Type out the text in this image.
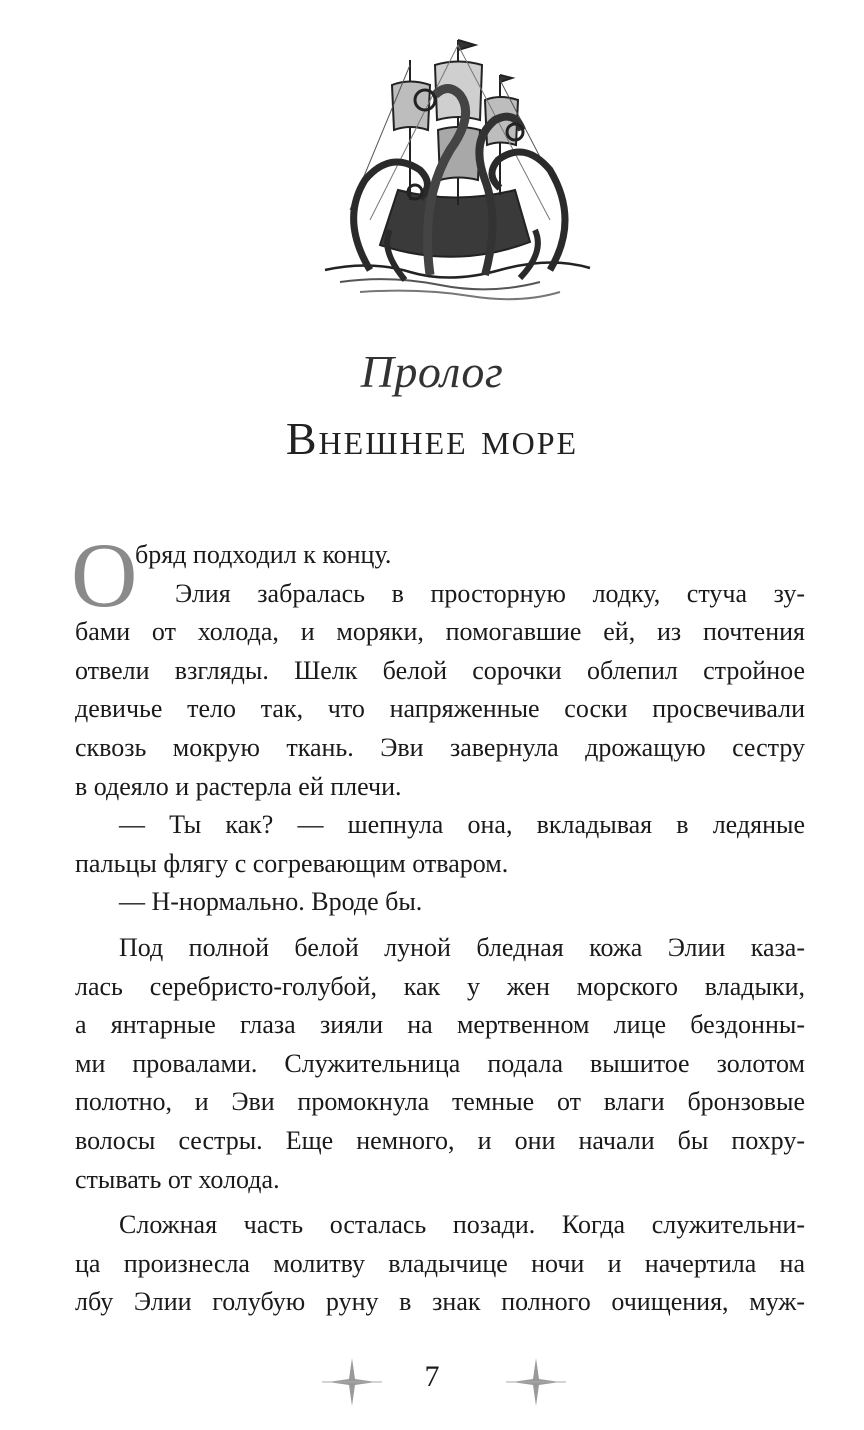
Пролог
Внешнее море

О
бряд подходил к концу.

Элия забралась в просторную лодку, стуча зу-

бами от холода, и моряки, помогавшие ей, из почтения

отвели взгляды. Шелк белой сорочки облепил стройное

девичье тело так, что напряженные соски просвечивали

сквозь мокрую ткань. Эви завернула дрожащую сестру

в одеяло и растерла ей плечи.

— Ты как? — шепнула она, вкладывая в ледяные

пальцы флягу с согревающим отваром.

— Н-нормально. Вроде бы.

Под полной белой луной бледная кожа Элии каза-

лась серебристо-голубой, как у жен морского владыки,

а янтарные глаза зияли на мертвенном лице бездонны-

ми провалами. Служительница подала вышитое золотом

полотно, и Эви промокнула темные от влаги бронзовые

волосы сестры. Еще немного, и они начали бы похру-

стывать от холода.

Сложная часть осталась позади. Когда служительни-

ца произнесла молитву владычице ночи и начертила на

лбу Элии голубую руну в знак полного очищения, муж-

7
